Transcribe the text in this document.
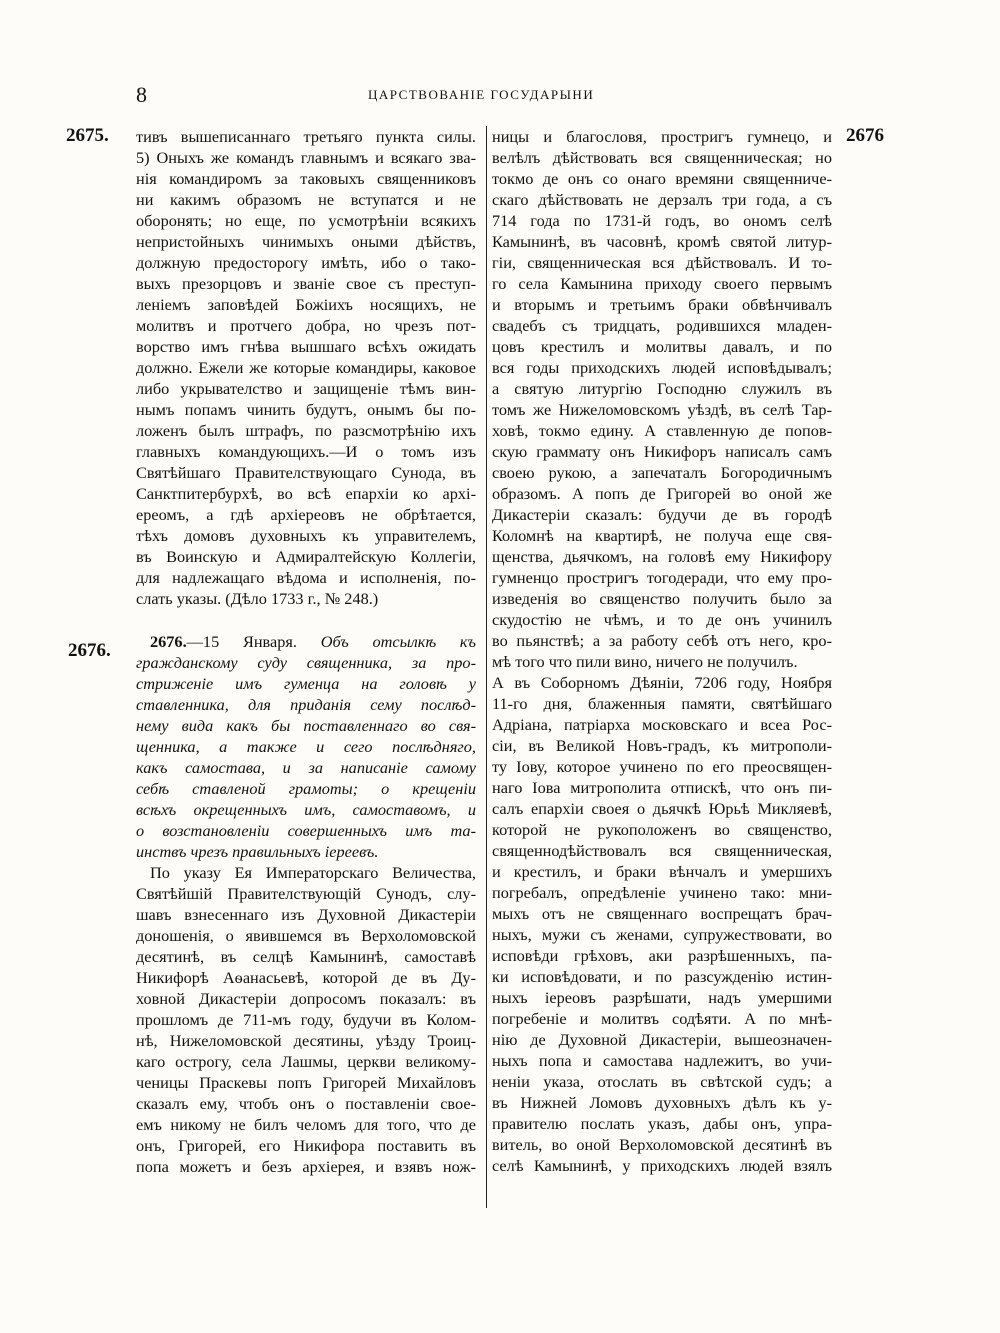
8	ЦАРСТВОВАНІЕ ГОСУДАРЫНИ
2675.
2676.
2676
тивъ вышеписаннаго третьяго пункта силы.
5) Оныхъ же командъ главнымъ и всякаго зва-
нія командиромъ за таковыхъ священниковъ
ни какимъ образомъ не вступатся и не
оборонять; но еще, по усмотрѣніи всякихъ
непристойныхъ чинимыхъ оными дѣйствъ,
должную предосторогу имѣть, ибо о тако-
выхъ презорцовъ и званіе свое съ преступ-
леніемъ заповѣдей Божіихъ носящихъ, не
молитвъ и протчего добра, но чрезъ пот-
ворство имъ гнѣва вышшаго всѣхъ ожидать
должно. Ежели же которые командиры, каковое
либо укрывателство и защищеніе тѣмъ вин-
нымъ попамъ чинить будутъ, онымъ бы по-
ложенъ былъ штрафъ, по разсмотрѣнію ихъ
главныхъ командующихъ.—И о томъ изъ
Святѣйшаго Правителствующаго Сунода, въ
Санктпитербурхѣ, во всѣ епархіи ко архі-
ереомъ, а гдѣ архіереовъ не обрѣтается,
тѣхъ домовъ духовныхъ къ управителемъ,
въ Воинскую и Адмиралтейскую Коллегіи,
для надлежащаго вѣдома и исполненія, по-
слать указы. (Дѣло 1733 г., № 248.)
2676.—15 Января. Объ отсылкѣ къ
гражданскому суду священника, за про-
стриженіе имъ гуменца на головѣ у
ставленника, для приданія сему послѣд-
нему вида какъ бы поставленнаго во свя-
щенника, а также и сего послѣдняго,
какъ самостава, и за написаніе самому
себѣ ставленой грамоты; о крещеніи
всѣхъ окрещенныхъ имъ, самоставомъ, и
о возстановленіи совершенныхъ имъ та-
инствъ чрезъ правильныхъ іереевъ.
По указу Ея Императорскаго Величества,
Святѣйшій Правителствующій Сунодъ, слу-
шавъ взнесеннаго изъ Духовной Дикастеріи
доношенія, о явившемся въ Верхоломовской
десятинѣ, въ селцѣ Камынинѣ, самоставѣ
Никифорѣ Аѳанасьевѣ, которой де въ Ду-
ховной Дикастеріи допросомъ показалъ: въ
прошломъ де 711-мъ году, будучи въ Колом-
нѣ, Нижеломовской десятины, уѣзду Троиц-
каго острогу, села Лашмы, церкви великому-
ченицы Праскевы попъ Григорей Михайловъ
сказалъ ему, чтобъ онъ о поставленіи свое-
емъ никому не билъ челомъ для того, что де
онъ, Григорей, его Никифора поставить въ
попа можетъ и безъ архіерея, и взявъ нож-
ницы и благословя, простригъ гумнецо, и
велѣлъ дѣйствовать вся священническая; но
токмо де онъ со онаго времяни священниче-
скаго дѣйствовать не дерзалъ три года, а съ
714 года по 1731-й годъ, во ономъ селѣ
Камынинѣ, въ часовнѣ, кромѣ святой литур-
гіи, священническая вся дѣйствовалъ. И то-
го села Камынина приходу своего первымъ
и вторымъ и третьимъ браки обвѣнчивалъ
свадебъ съ тридцать, родившихся младен-
цовъ крестилъ и молитвы давалъ, и по
вся годы приходскихъ людей исповѣдывалъ;
а святую литургію Господню служилъ въ
томъ же Нижеломовскомъ уѣздѣ, въ селѣ Тар-
ховѣ, токмо едину. А ставленную де попов-
скую граммату онъ Никифоръ написалъ самъ
своею рукою, а запечаталъ Богородичнымъ
образомъ. А попъ де Григорей во оной же
Дикастеріи сказалъ: будучи де въ городѣ
Коломнѣ на квартирѣ, не получа еще свя-
щенства, дьячкомъ, на головѣ ему Никифору
гумненцо простригъ тогодеради, что ему про-
изведенія во священство получить было за
скудостію не чѣмъ, и то де онъ учинилъ
во пьянствѣ; а за работу себѣ отъ него, кро-
мѣ того что пили вино, ничего не получилъ.
А въ Соборномъ Дѣяніи, 7206 году, Ноября
11-го дня, блаженныя памяти, святѣйшаго
Адріана, патріарха московскаго и всеа Рос-
сіи, въ Великой Новъ-градъ, къ митрополи-
ту Іову, которое учинено по его преосвящен-
наго Іова митрополита отпискѣ, что онъ пи-
салъ епархіи своея о дьячкѣ Юрьѣ Микляевѣ,
которой не рукоположенъ во священство,
священнодѣйствовалъ вся священническая,
и крестилъ, и браки вѣнчалъ и умершихъ
погребалъ, опредѣленіе учинено тако: мни-
мыхъ отъ не священнаго воспрещатъ брач-
ныхъ, мужи съ женами, супружествовати, во
исповѣди грѣховъ, аки разрѣшенныхъ, па-
ки исповѣдовати, и по разсужденію истин-
ныхъ іереовъ разрѣшати, надъ умершими
погребеніе и молитвъ содѣяти. А по мнѣ-
нію де Духовной Дикастеріи, вышеозначен-
ныхъ попа и самостава надлежитъ, во учи-
неніи указа, отослать въ свѣтской судъ; а
въ Нижней Ломовъ духовныхъ дѣлъ къ у-
правителю послать указъ, дабы онъ, упра-
витель, во оной Верхоломовской десятинѣ въ
селѣ Камынинѣ, у приходскихъ людей взялъ
